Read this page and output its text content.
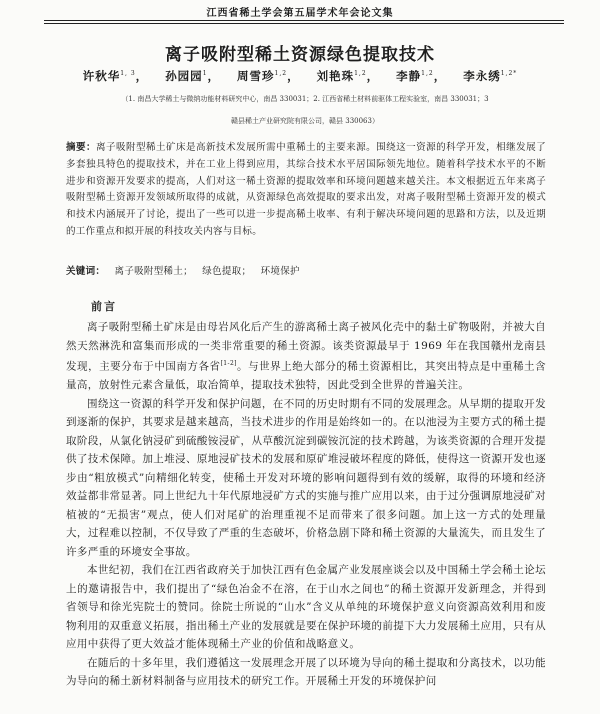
江西省稀土学会第五届学术年会论文集
离子吸附型稀土资源绿色提取技术
许秋华$^{1, 3}$， 孙园园$^1$， 周雪珍$^{1,2}$， 刘艳珠$^{1,2}$， 李静$^{1,2}$， 李永绣$^{1,2*}$
（1. 南昌大学稀土与微纳功能材料研究中心，南昌 330031；2. 江西省稀土材料前驱体工程实验室，南昌 330031；3
赣县稀土产业研究院有限公司，赣县 330063）
摘要：离子吸附型稀土矿床是高新技术发展所需中重稀土的主要来源。围绕这一资源的科学开发，相继发展了多套独具特色的提取技术，并在工业上得到应用，其综合技术水平居国际领先地位。随着科学技术水平的不断进步和资源开发要求的提高，人们对这一稀土资源的提取效率和环境问题越来越关注。本文根据近五年来离子吸附型稀土资源开发领域所取得的成就，从资源绿色高效提取的要求出发，对离子吸附型稀土资源开发的模式和技术内涵展开了讨论，提出了一些可以进一步提高稀土收率、有利于解决环境问题的思路和方法，以及近期的工作重点和拟开展的科技攻关内容与目标。
关键词： 离子吸附型稀土； 绿色提取； 环境保护
前言

离子吸附型稀土矿床是由母岩风化后产生的游离稀土离子被风化壳中的黏土矿物吸附，并被大自然天然淋洗和富集而形成的一类非常重要的稀土资源。该类资源最早于 1969 年在我国赣州龙南县发现，主要分布于中国南方各省[1-2]。与世界上绝大部分的稀土资源相比，其突出特点是中重稀土含量高，放射性元素含量低，取冶简单，提取技术独特，因此受到全世界的普遍关注。

围绕这一资源的科学开发和保护问题，在不同的历史时期有不同的发展理念。从早期的提取开发到逐渐的保护，其要求是越来越高，当技术进步的作用是始终如一的。在以池浸为主要方式的稀土提取阶段，从氯化钠浸矿到硫酸铵浸矿，从草酸沉淀到碳铵沉淀的技术跨越，为该类资源的合理开发提供了技术保障。加上堆浸、原地浸矿技术的发展和原矿堆浸破坏程度的降低，使得这一资源开发也逐步由“粗放模式”向精细化转变，使稀土开发对环境的影响问题得到有效的缓解，取得的环境和经济效益都非常显著。同上世纪九十年代原地浸矿方式的实施与推广应用以来，由于过分强调原地浸矿对植被的“无损害”观点，使人们对尾矿的治理重视不足而带来了很多问题。加上这一方式的处理量大，过程难以控制，不仅导致了严重的生态破坏，价格急剧下降和稀土资源的大量流失，而且发生了许多严重的环境安全事故。

本世纪初，我们在江西省政府关于加快江西有色金属产业发展座谈会以及中国稀土学会稀土论坛上的邀请报告中，我们提出了“绿色冶金不在溶，在于山水之间也”的稀土资源开发新理念，并得到省领导和徐光宪院士的赞同。徐院士所说的“山水”含义从单纯的环境保护意义向资源高效利用和废物利用的双重意义拓展，指出稀土产业的发展就是要在保护环境的前提下大力发展稀土应用，只有从应用中获得了更大效益才能体现稀土产业的价值和战略意义。

在随后的十多年里，我们遵循这一发展理念开展了以环境为导向的稀土提取和分离技术，以功能为导向的稀土新材料制备与应用技术的研究工作。开展稀土开发的环境保护问
